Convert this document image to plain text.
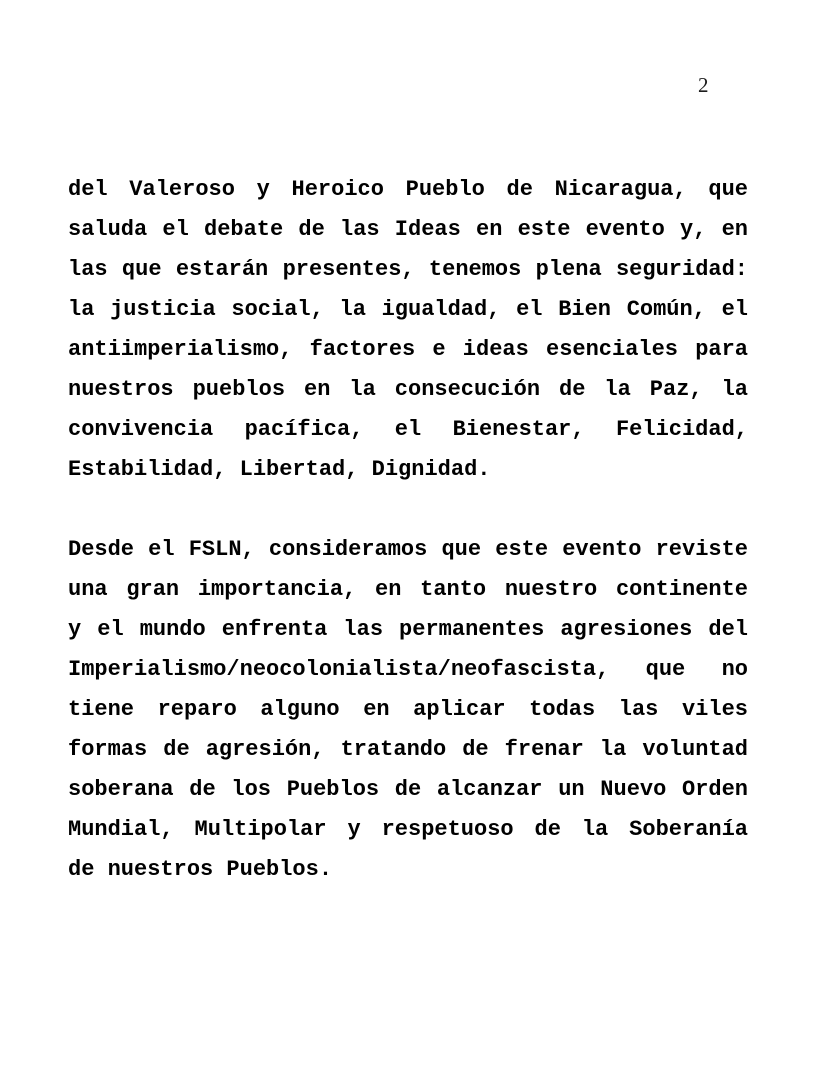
2
del Valeroso y Heroico Pueblo de Nicaragua, que
saluda el debate de las Ideas en este evento y, en
las que estarán presentes, tenemos plena seguridad:
la justicia social, la igualdad, el Bien Común, el
antiimperialismo, factores e ideas esenciales para
nuestros pueblos en la consecución de la Paz, la
convivencia pacífica, el Bienestar, Felicidad,
Estabilidad, Libertad, Dignidad.
Desde el FSLN, consideramos que este evento reviste
una gran importancia, en tanto nuestro continente
y el mundo enfrenta las permanentes agresiones del
Imperialismo/neocolonialista/neofascista, que no
tiene reparo alguno en aplicar todas las viles
formas de agresión, tratando de frenar la voluntad
soberana de los Pueblos de alcanzar un Nuevo Orden
Mundial, Multipolar y respetuoso de la Soberanía
de nuestros Pueblos.
